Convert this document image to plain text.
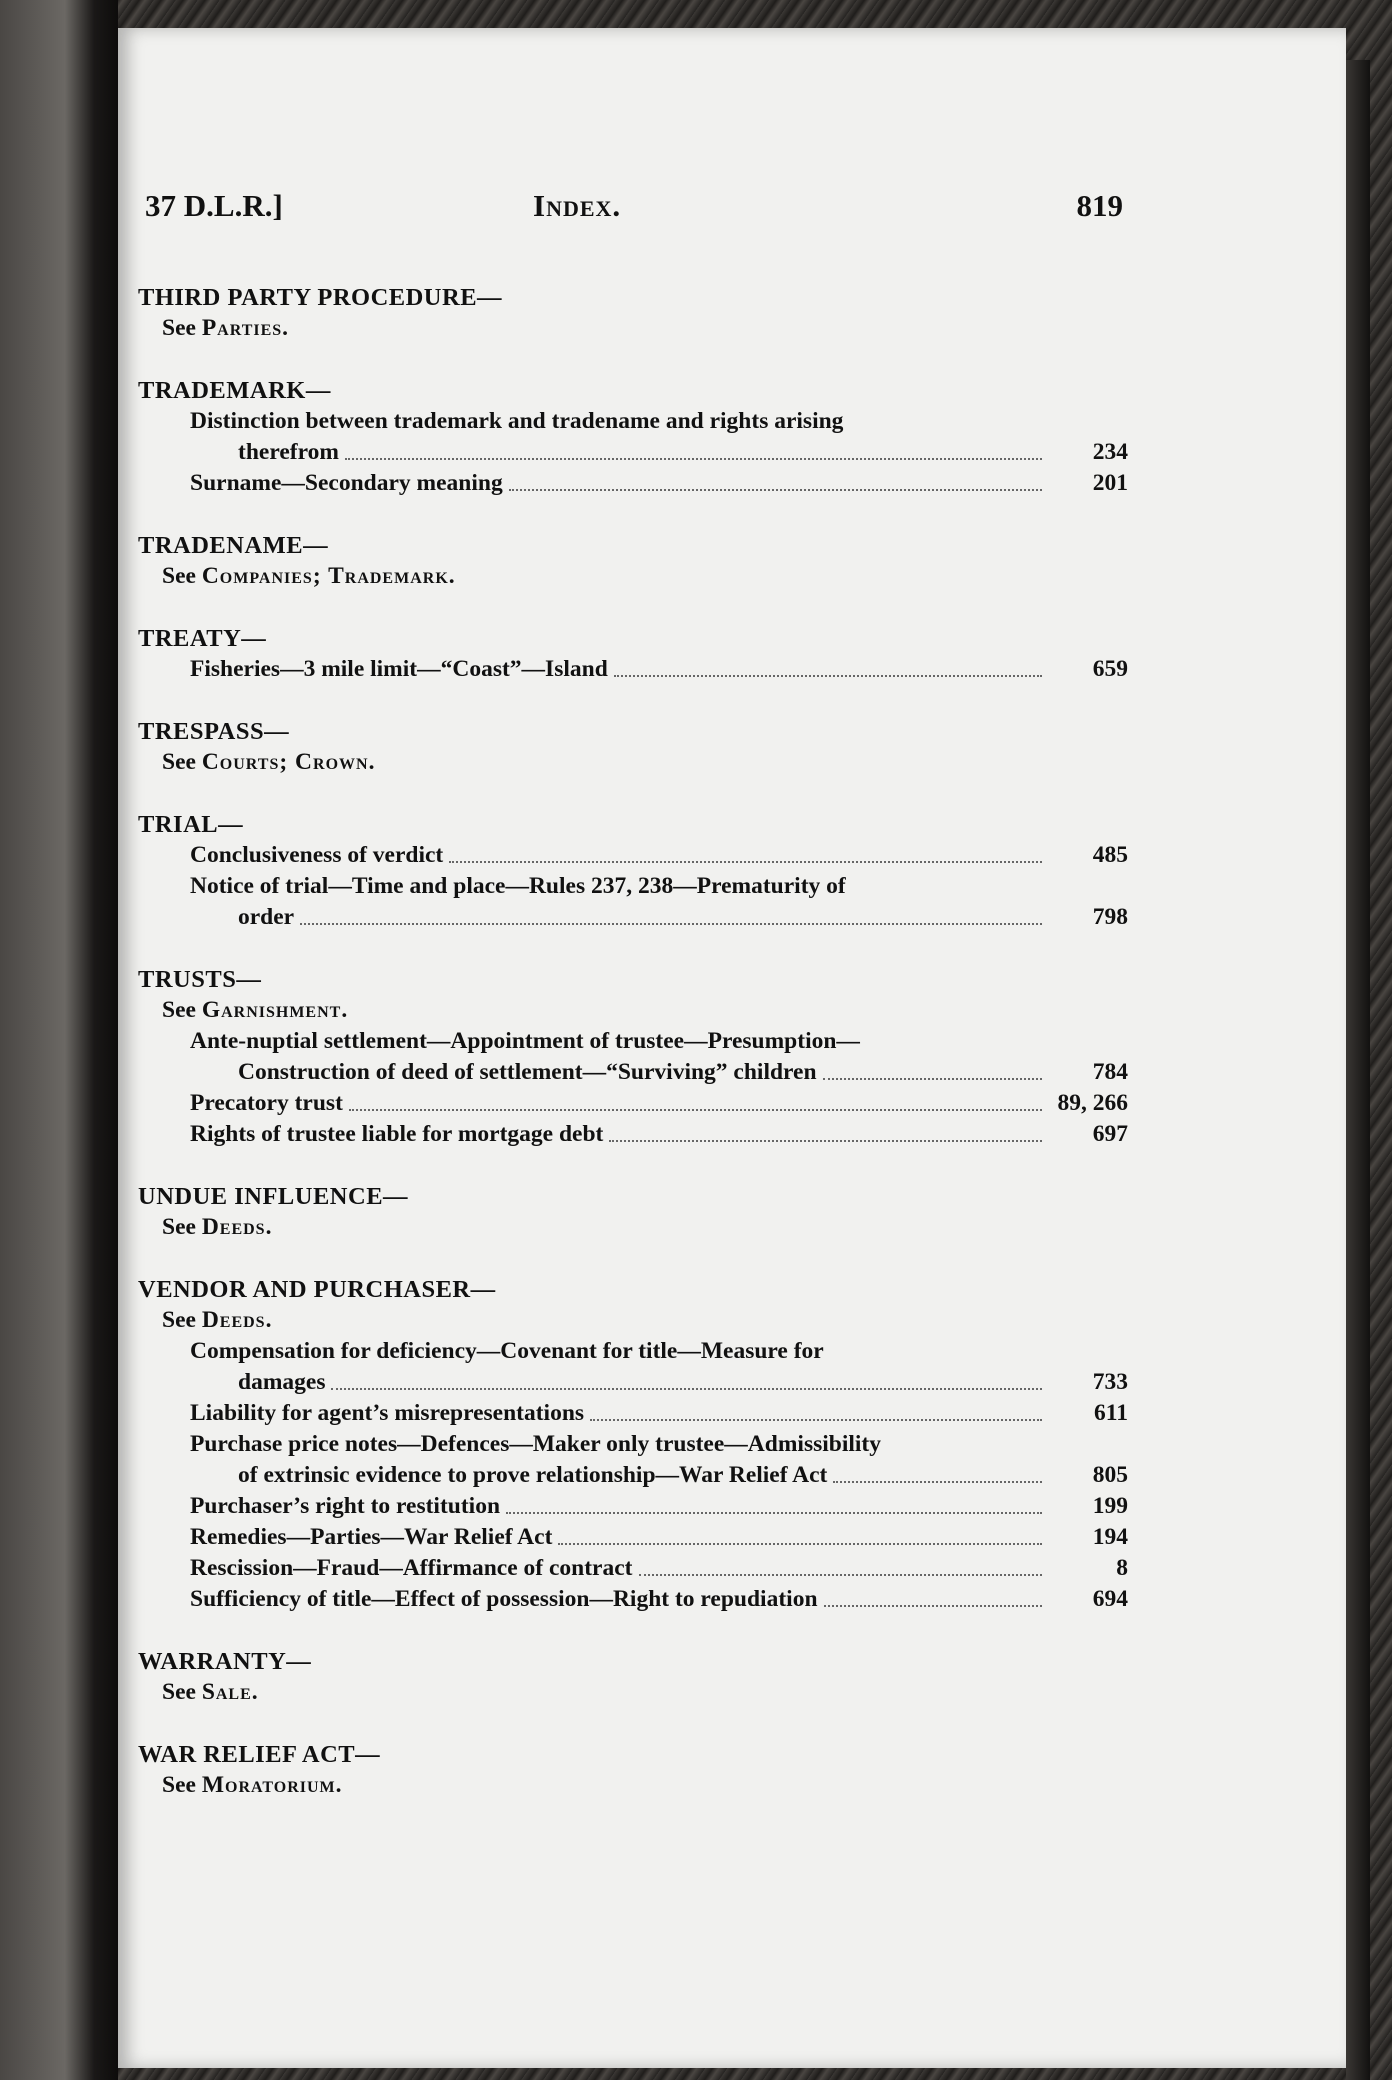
37 D.L.R.]	Index.	819
THIRD PARTY PROCEDURE—
See Parties.
TRADEMARK—
Distinction between trademark and tradename and rights arising
therefrom	234
Surname—Secondary meaning	201
TRADENAME—
See Companies; Trademark.
TREATY—
Fisheries—3 mile limit—“Coast”—Island	659
TRESPASS—
See Courts; Crown.
TRIAL—
Conclusiveness of verdict	485
Notice of trial—Time and place—Rules 237, 238—Prematurity of
order	798
TRUSTS—
See Garnishment.
Ante-nuptial settlement—Appointment of trustee—Presumption—
Construction of deed of settlement—“Surviving” children	784
Precatory trust	89, 266
Rights of trustee liable for mortgage debt	697
UNDUE INFLUENCE—
See Deeds.
VENDOR AND PURCHASER—
See Deeds.
Compensation for deficiency—Covenant for title—Measure for
damages	733
Liability for agent’s misrepresentations	611
Purchase price notes—Defences—Maker only trustee—Admissibility
of extrinsic evidence to prove relationship—War Relief Act	805
Purchaser’s right to restitution	199
Remedies—Parties—War Relief Act	194
Rescission—Fraud—Affirmance of contract	8
Sufficiency of title—Effect of possession—Right to repudiation	694
WARRANTY—
See Sale.
WAR RELIEF ACT—
See Moratorium.
